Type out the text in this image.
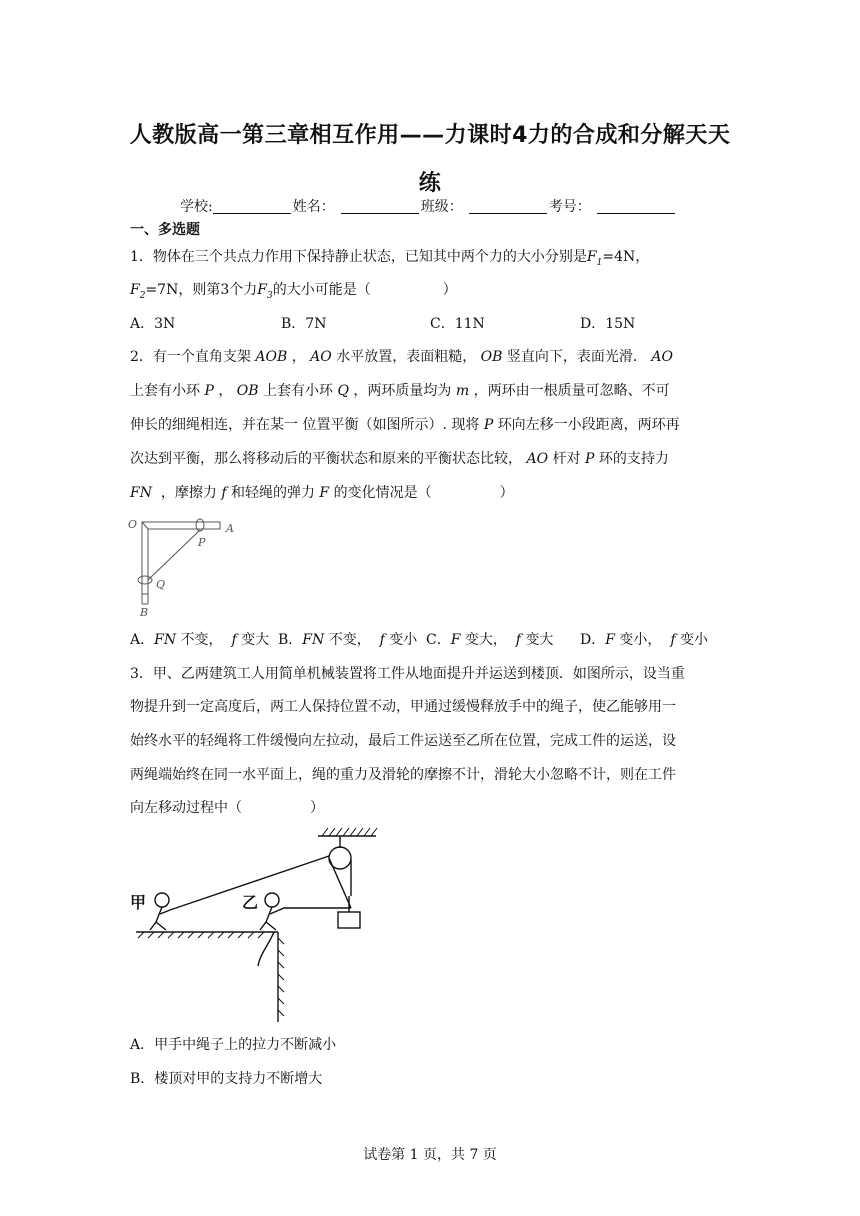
人教版高一第三章相互作用——力课时4力的合成和分解天天
练
学校:	姓名：	班级：	考号：
一、多选题
1．物体在三个共点力作用下保持静止状态，已知其中两个力的大小分别是$F_1=4N$，
$F_2=7N$，则第3个力$F_3$的大小可能是（	）
A．3N	B．7N	C．11N	D．15N
2．有一个直角支架 AOB ， AO 水平放置，表面粗糙， OB 竖直向下，表面光滑． AO
上套有小环 P ， OB 上套有小环 Q ，两环质量均为 m ，两环由一根质量可忽略、不可
伸长的细绳相连，并在某一 位置平衡（如图所示）. 现将 P 环向左移一小段距离，两环再
次达到平衡，那么将移动后的平衡状态和原来的平衡状态比较， AO 杆对 P 环的支持力
FN ，摩擦力 f 和轻绳的弹力 F 的变化情况是（	）
O	A
P
Q
B
A．FN 不变， f 变大 B．FN 不变， f 变小 C．F 变大， f 变大 D．F 变小， f 变小
3．甲、乙两建筑工人用简单机械装置将工件从地面提升并运送到楼顶．如图所示，设当重
物提升到一定高度后，两工人保持位置不动，甲通过缓慢释放手中的绳子，使乙能够用一
始终水平的轻绳将工件缓慢向左拉动，最后工件运送至乙所在位置，完成工件的运送，设
两绳端始终在同一水平面上，绳的重力及滑轮的摩擦不计，滑轮大小忽略不计，则在工件
向左移动过程中（	）
甲	乙
A．甲手中绳子上的拉力不断减小
B．楼顶对甲的支持力不断增大
试卷第 1 页，共 7 页
